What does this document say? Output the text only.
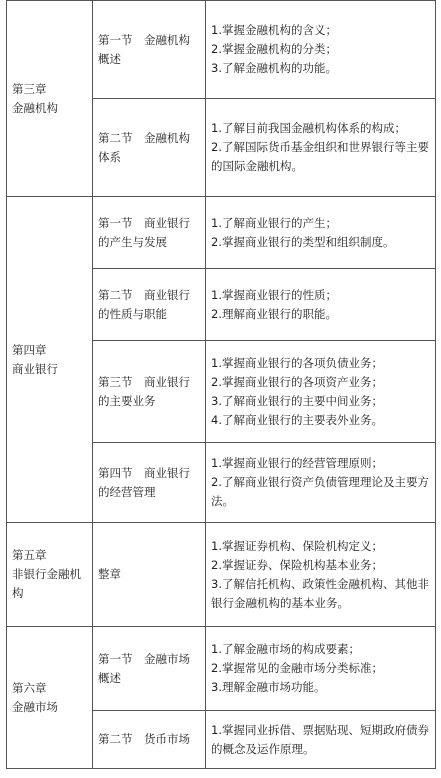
第三章
金融机构	第一节　金融机构概述	1.掌握金融机构的含义；
2.掌握金融机构的分类；
3.了解金融机构的功能。

	第二节　金融机构体系	1.了解目前我国金融机构体系的构成；
2.了解国际货币基金组织和世界银行等主要的国际金融机构。

第四章
商业银行	第一节　商业银行的产生与发展	1.了解商业银行的产生；
2.掌握商业银行的类型和组织制度。

	第二节　商业银行的性质与职能	1.掌握商业银行的性质；
2.理解商业银行的职能。

	第三节　商业银行的主要业务	1.掌握商业银行的各项负债业务；
2.掌握商业银行的各项资产业务；
3.了解商业银行的主要中间业务；
4.了解商业银行的主要表外业务。

	第四节　商业银行的经营管理	1.掌握商业银行的经营管理原则；
2.了解商业银行资产负债管理理论及主要方法。

第五章
非银行金融机构	整章	1.掌握证券机构、保险机构定义；
2.掌握证券、保险机构基本业务；
3.了解信托机构、政策性金融机构、其他非银行金融机构的基本业务。

第六章
金融市场	第一节　金融市场概述	1.了解金融市场的构成要素；
2.掌握常见的金融市场分类标准；
3.理解金融市场功能。

	第二节　货币市场	1.掌握同业拆借、票据贴现、短期政府债券的概念及运作原理。
